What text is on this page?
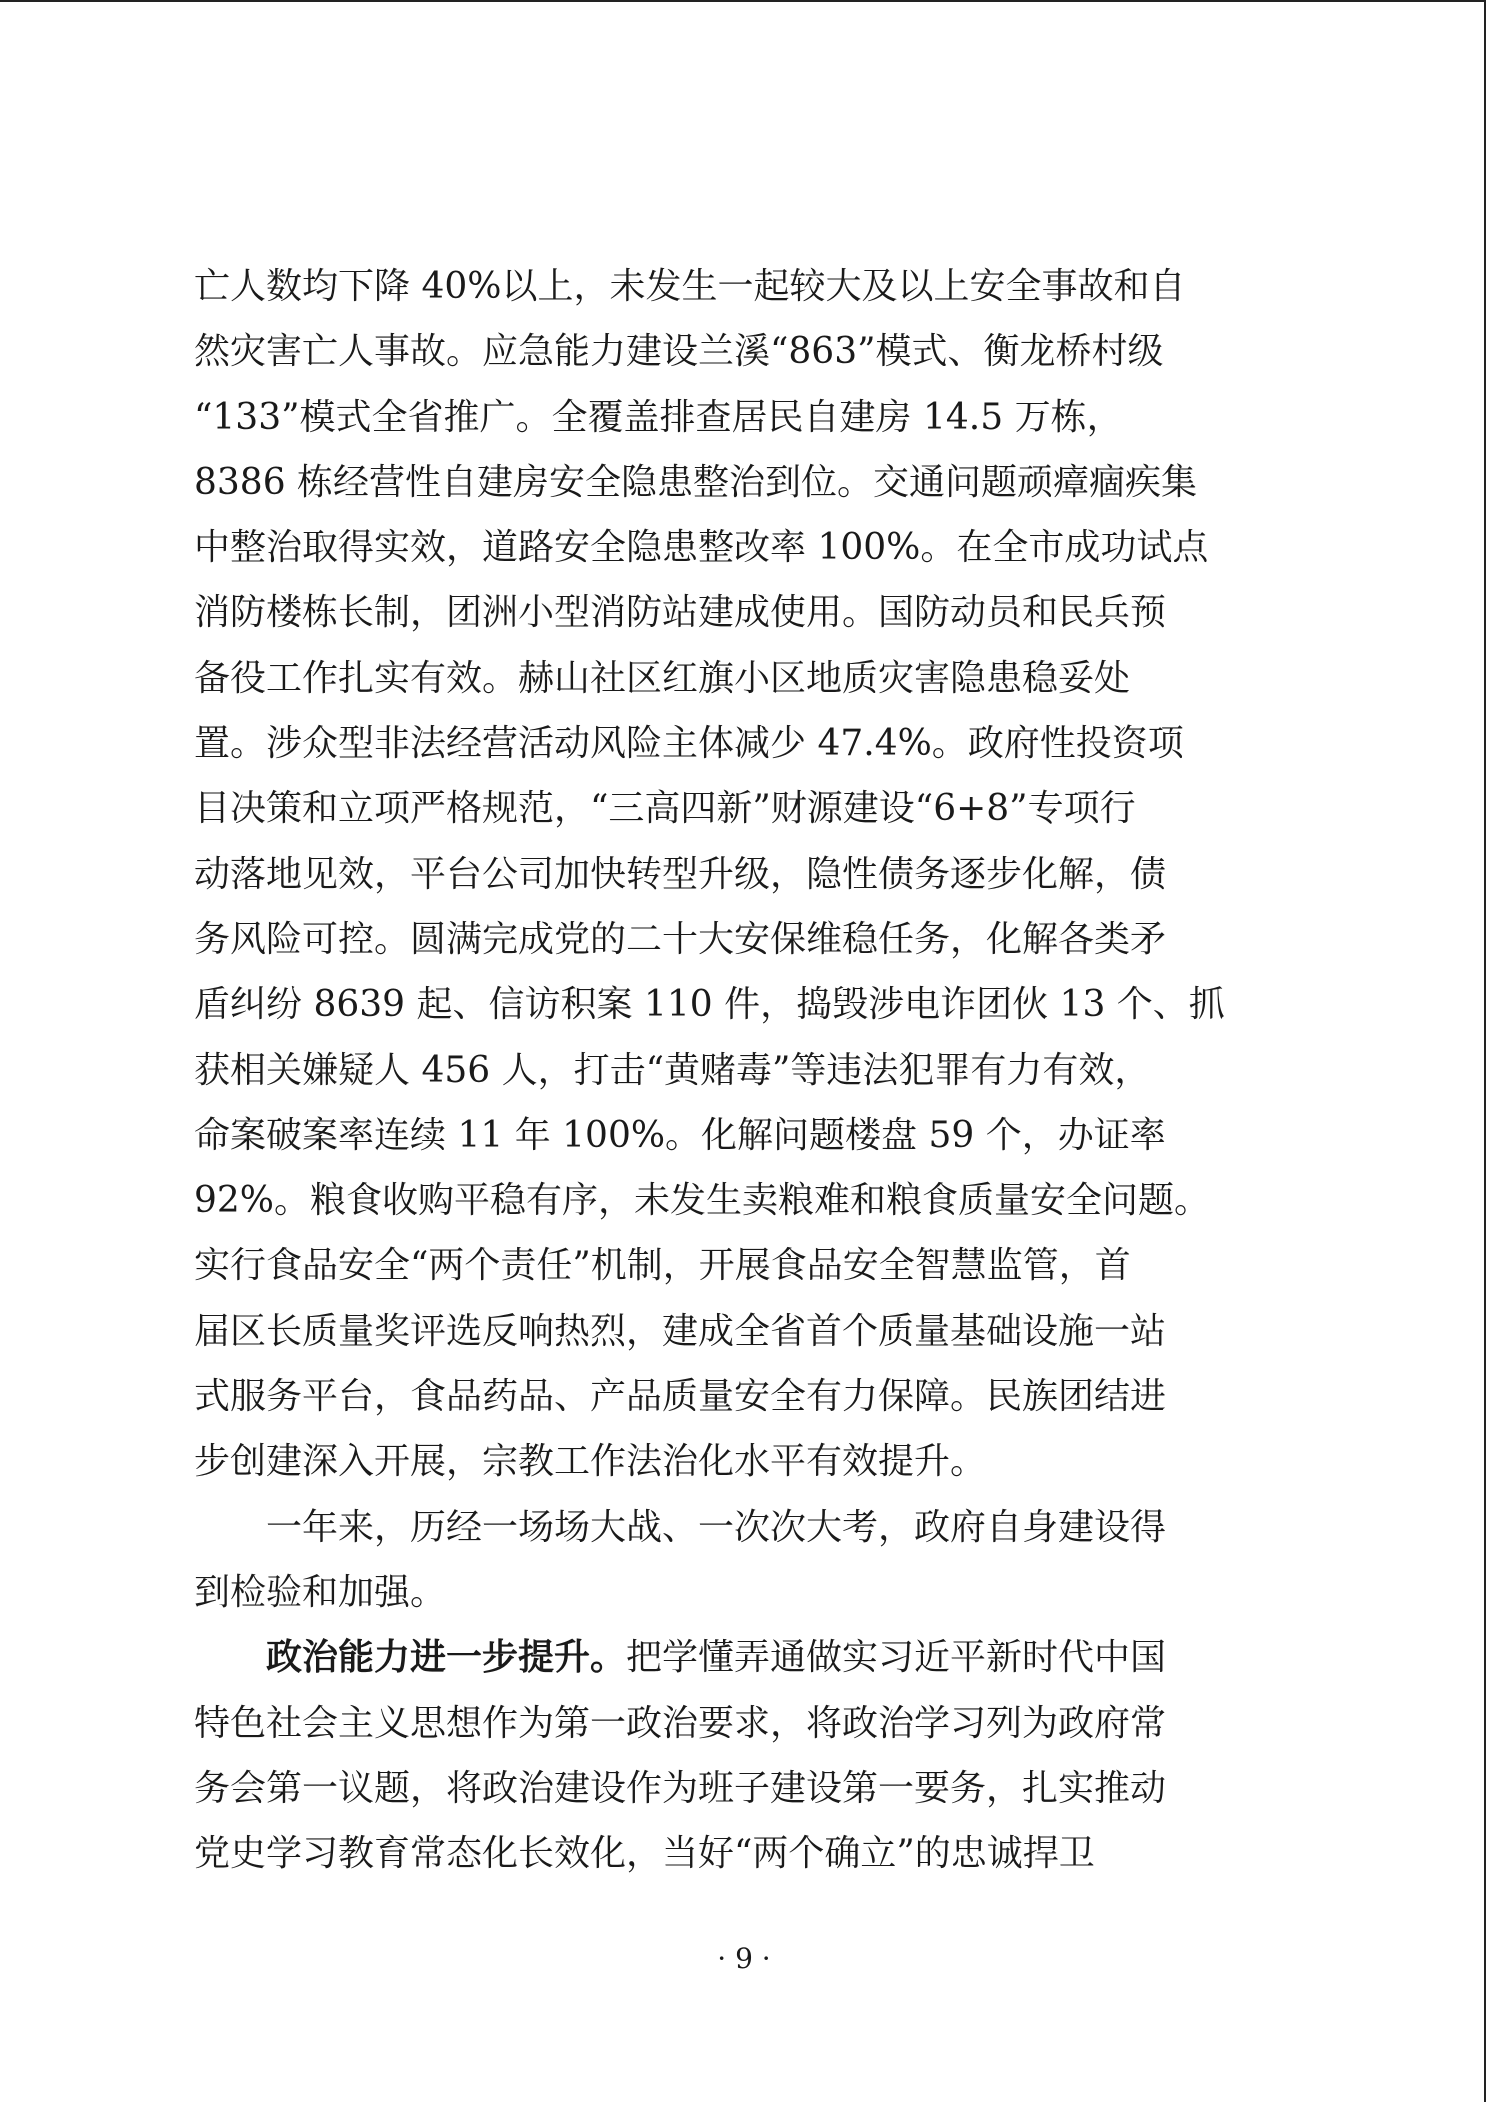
亡人数均下降 40%以上，未发生一起较大及以上安全事故和自
然灾害亡人事故。应急能力建设兰溪“863”模式、衡龙桥村级
“133”模式全省推广。全覆盖排查居民自建房 14.5 万栋，
8386 栋经营性自建房安全隐患整治到位。交通问题顽瘴痼疾集
中整治取得实效，道路安全隐患整改率 100%。在全市成功试点
消防楼栋长制，团洲小型消防站建成使用。国防动员和民兵预
备役工作扎实有效。赫山社区红旗小区地质灾害隐患稳妥处
置。涉众型非法经营活动风险主体减少 47.4%。政府性投资项
目决策和立项严格规范，“三高四新”财源建设“6+8”专项行
动落地见效，平台公司加快转型升级，隐性债务逐步化解，债
务风险可控。圆满完成党的二十大安保维稳任务，化解各类矛
盾纠纷 8639 起、信访积案 110 件，捣毁涉电诈团伙 13 个、抓
获相关嫌疑人 456 人，打击“黄赌毒”等违法犯罪有力有效，
命案破案率连续 11 年 100%。化解问题楼盘 59 个，办证率
92%。粮食收购平稳有序，未发生卖粮难和粮食质量安全问题。
实行食品安全“两个责任”机制，开展食品安全智慧监管，首
届区长质量奖评选反响热烈，建成全省首个质量基础设施一站
式服务平台，食品药品、产品质量安全有力保障。民族团结进
步创建深入开展，宗教工作法治化水平有效提升。
　　一年来，历经一场场大战、一次次大考，政府自身建设得
到检验和加强。
　　政治能力进一步提升。把学懂弄通做实习近平新时代中国
特色社会主义思想作为第一政治要求，将政治学习列为政府常
务会第一议题，将政治建设作为班子建设第一要务，扎实推动
党史学习教育常态化长效化，当好“两个确立”的忠诚捍卫
· 9 ·
